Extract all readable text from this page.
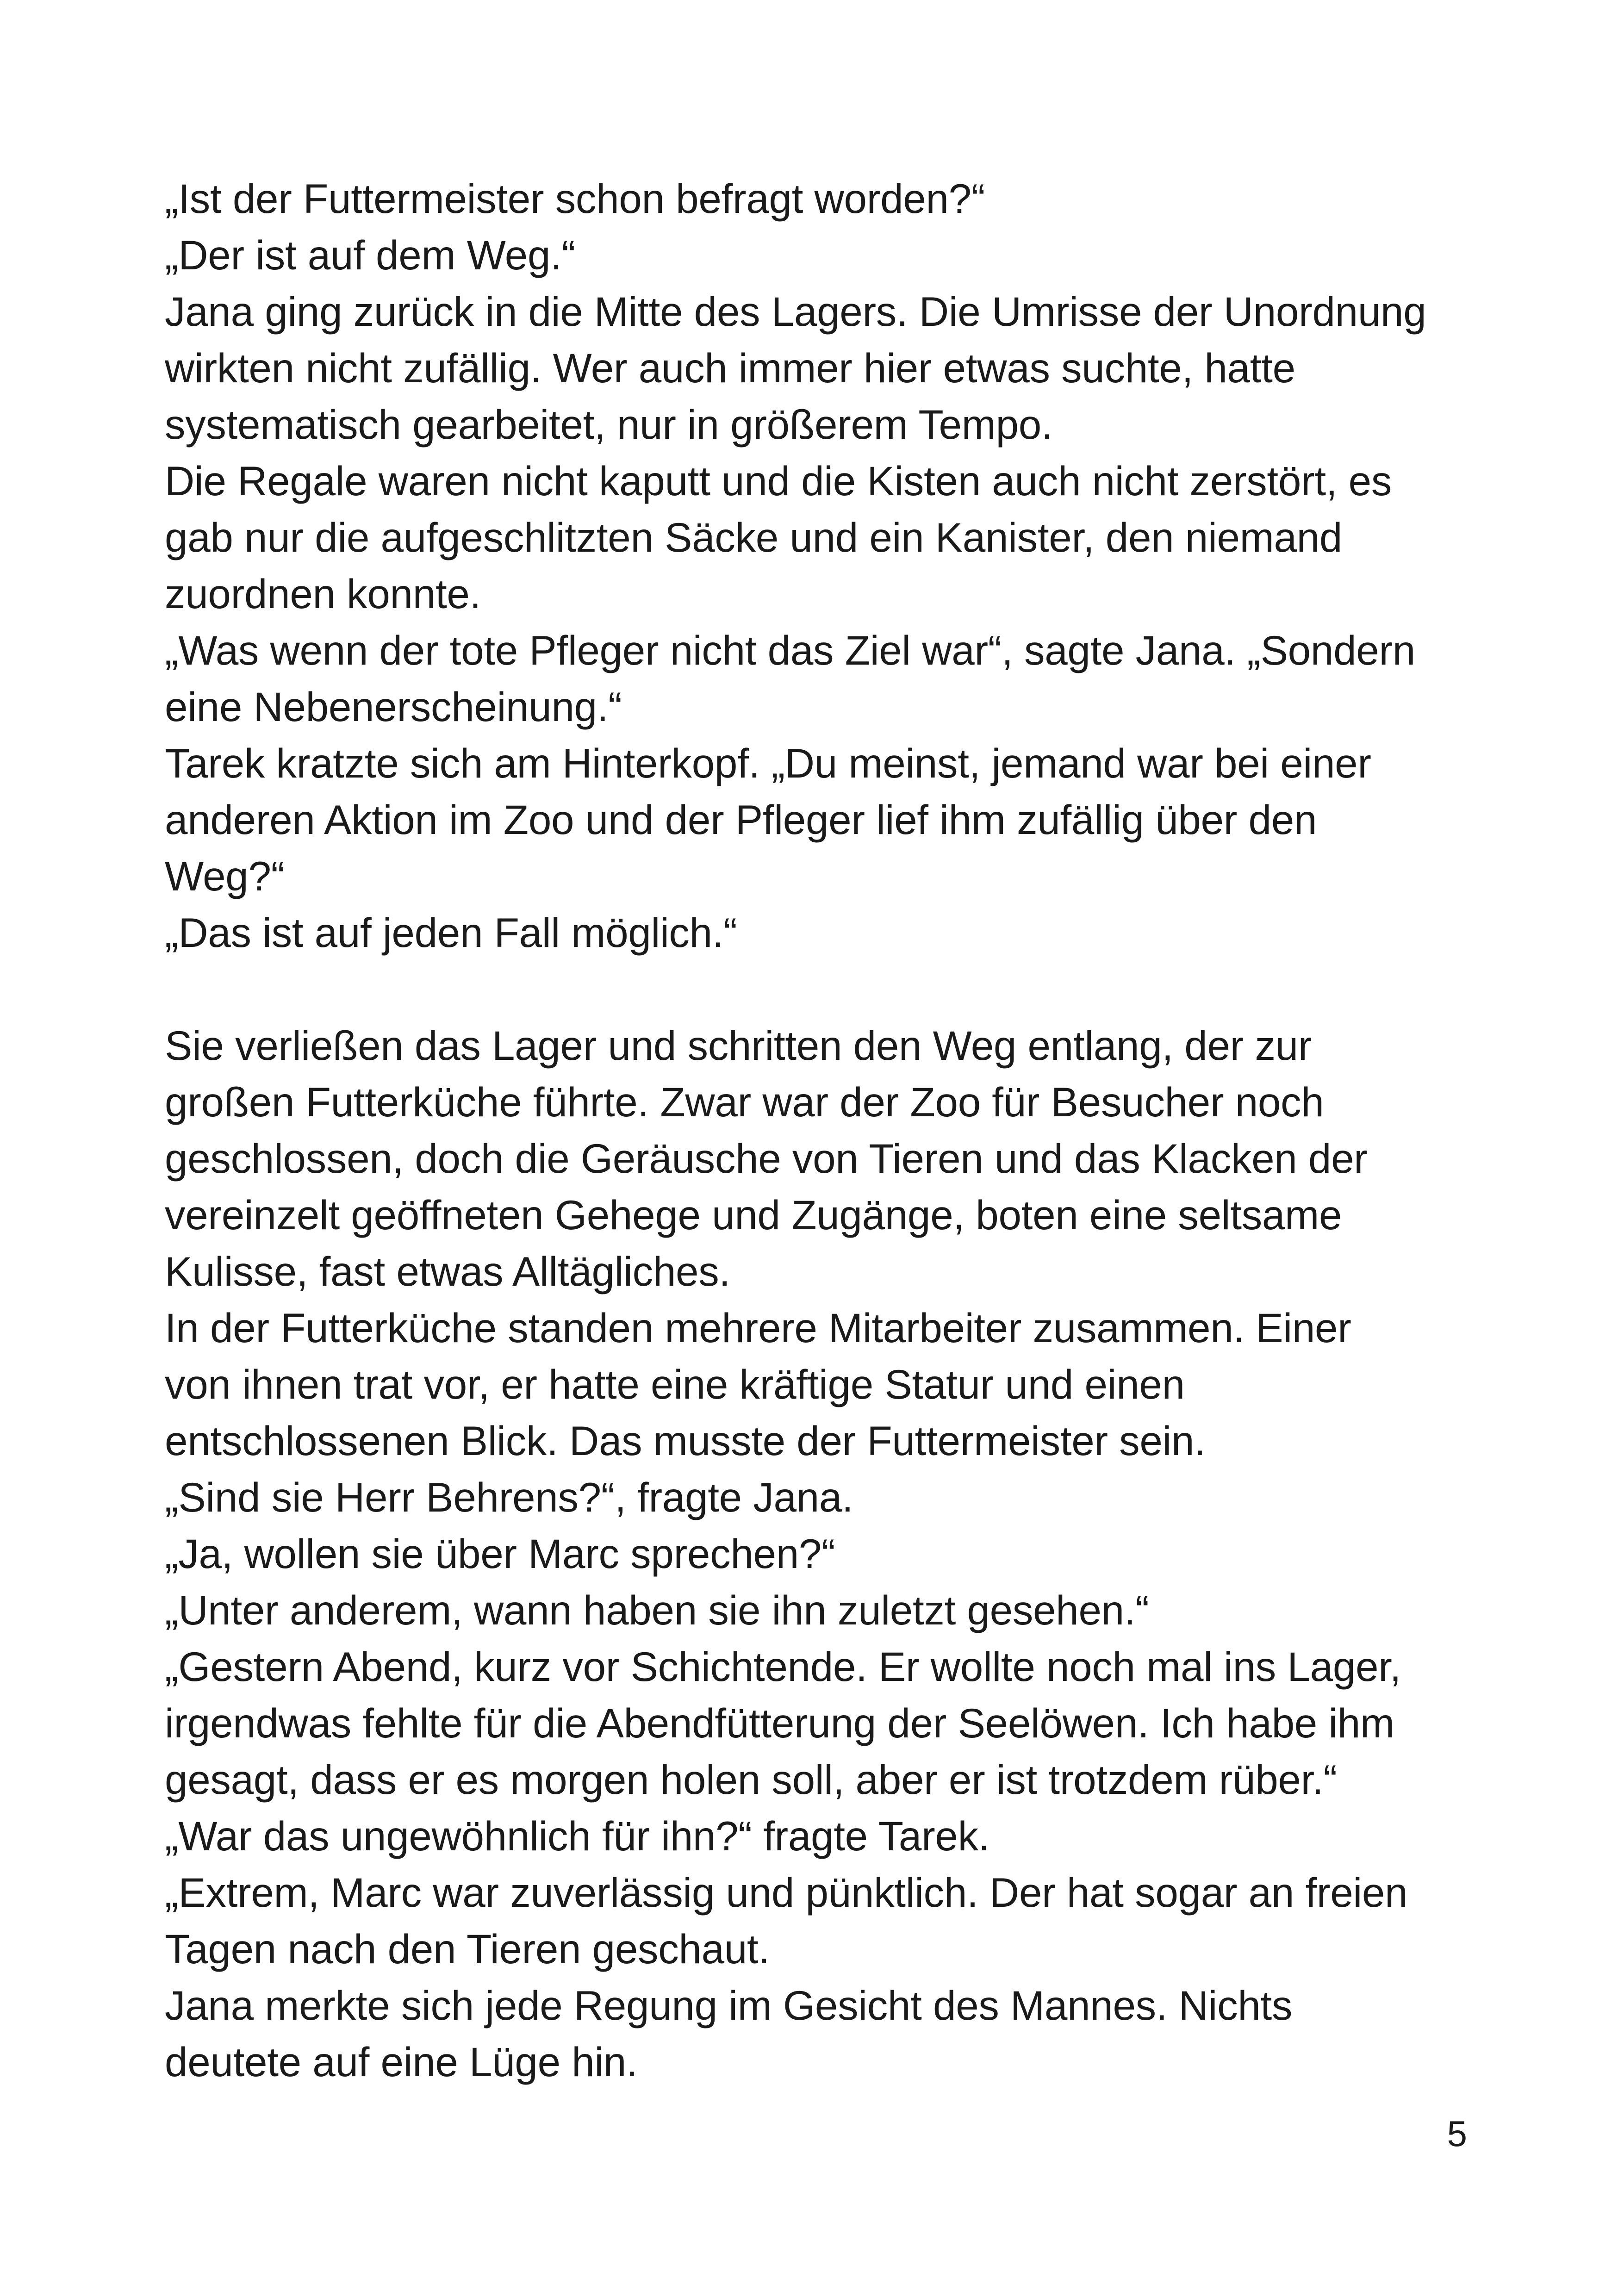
„Ist der Futtermeister schon befragt worden?“
„Der ist auf dem Weg.“
Jana ging zurück in die Mitte des Lagers. Die Umrisse der Unordnung
wirkten nicht zufällig. Wer auch immer hier etwas suchte, hatte
systematisch gearbeitet, nur in größerem Tempo.
Die Regale waren nicht kaputt und die Kisten auch nicht zerstört, es
gab nur die aufgeschlitzten Säcke und ein Kanister, den niemand
zuordnen konnte.
„Was wenn der tote Pfleger nicht das Ziel war“, sagte Jana. „Sondern
eine Nebenerscheinung.“
Tarek kratzte sich am Hinterkopf. „Du meinst, jemand war bei einer
anderen Aktion im Zoo und der Pfleger lief ihm zufällig über den
Weg?“
„Das ist auf jeden Fall möglich.“
Sie verließen das Lager und schritten den Weg entlang, der zur
großen Futterküche führte. Zwar war der Zoo für Besucher noch
geschlossen, doch die Geräusche von Tieren und das Klacken der
vereinzelt geöffneten Gehege und Zugänge, boten eine seltsame
Kulisse, fast etwas Alltägliches.
In der Futterküche standen mehrere Mitarbeiter zusammen. Einer
von ihnen trat vor, er hatte eine kräftige Statur und einen
entschlossenen Blick. Das musste der Futtermeister sein.
„Sind sie Herr Behrens?“, fragte Jana.
„Ja, wollen sie über Marc sprechen?“
„Unter anderem, wann haben sie ihn zuletzt gesehen.“
„Gestern Abend, kurz vor Schichtende. Er wollte noch mal ins Lager,
irgendwas fehlte für die Abendfütterung der Seelöwen. Ich habe ihm
gesagt, dass er es morgen holen soll, aber er ist trotzdem rüber.“
„War das ungewöhnlich für ihn?“ fragte Tarek.
„Extrem, Marc war zuverlässig und pünktlich. Der hat sogar an freien
Tagen nach den Tieren geschaut.
Jana merkte sich jede Regung im Gesicht des Mannes. Nichts
deutete auf eine Lüge hin.
5
